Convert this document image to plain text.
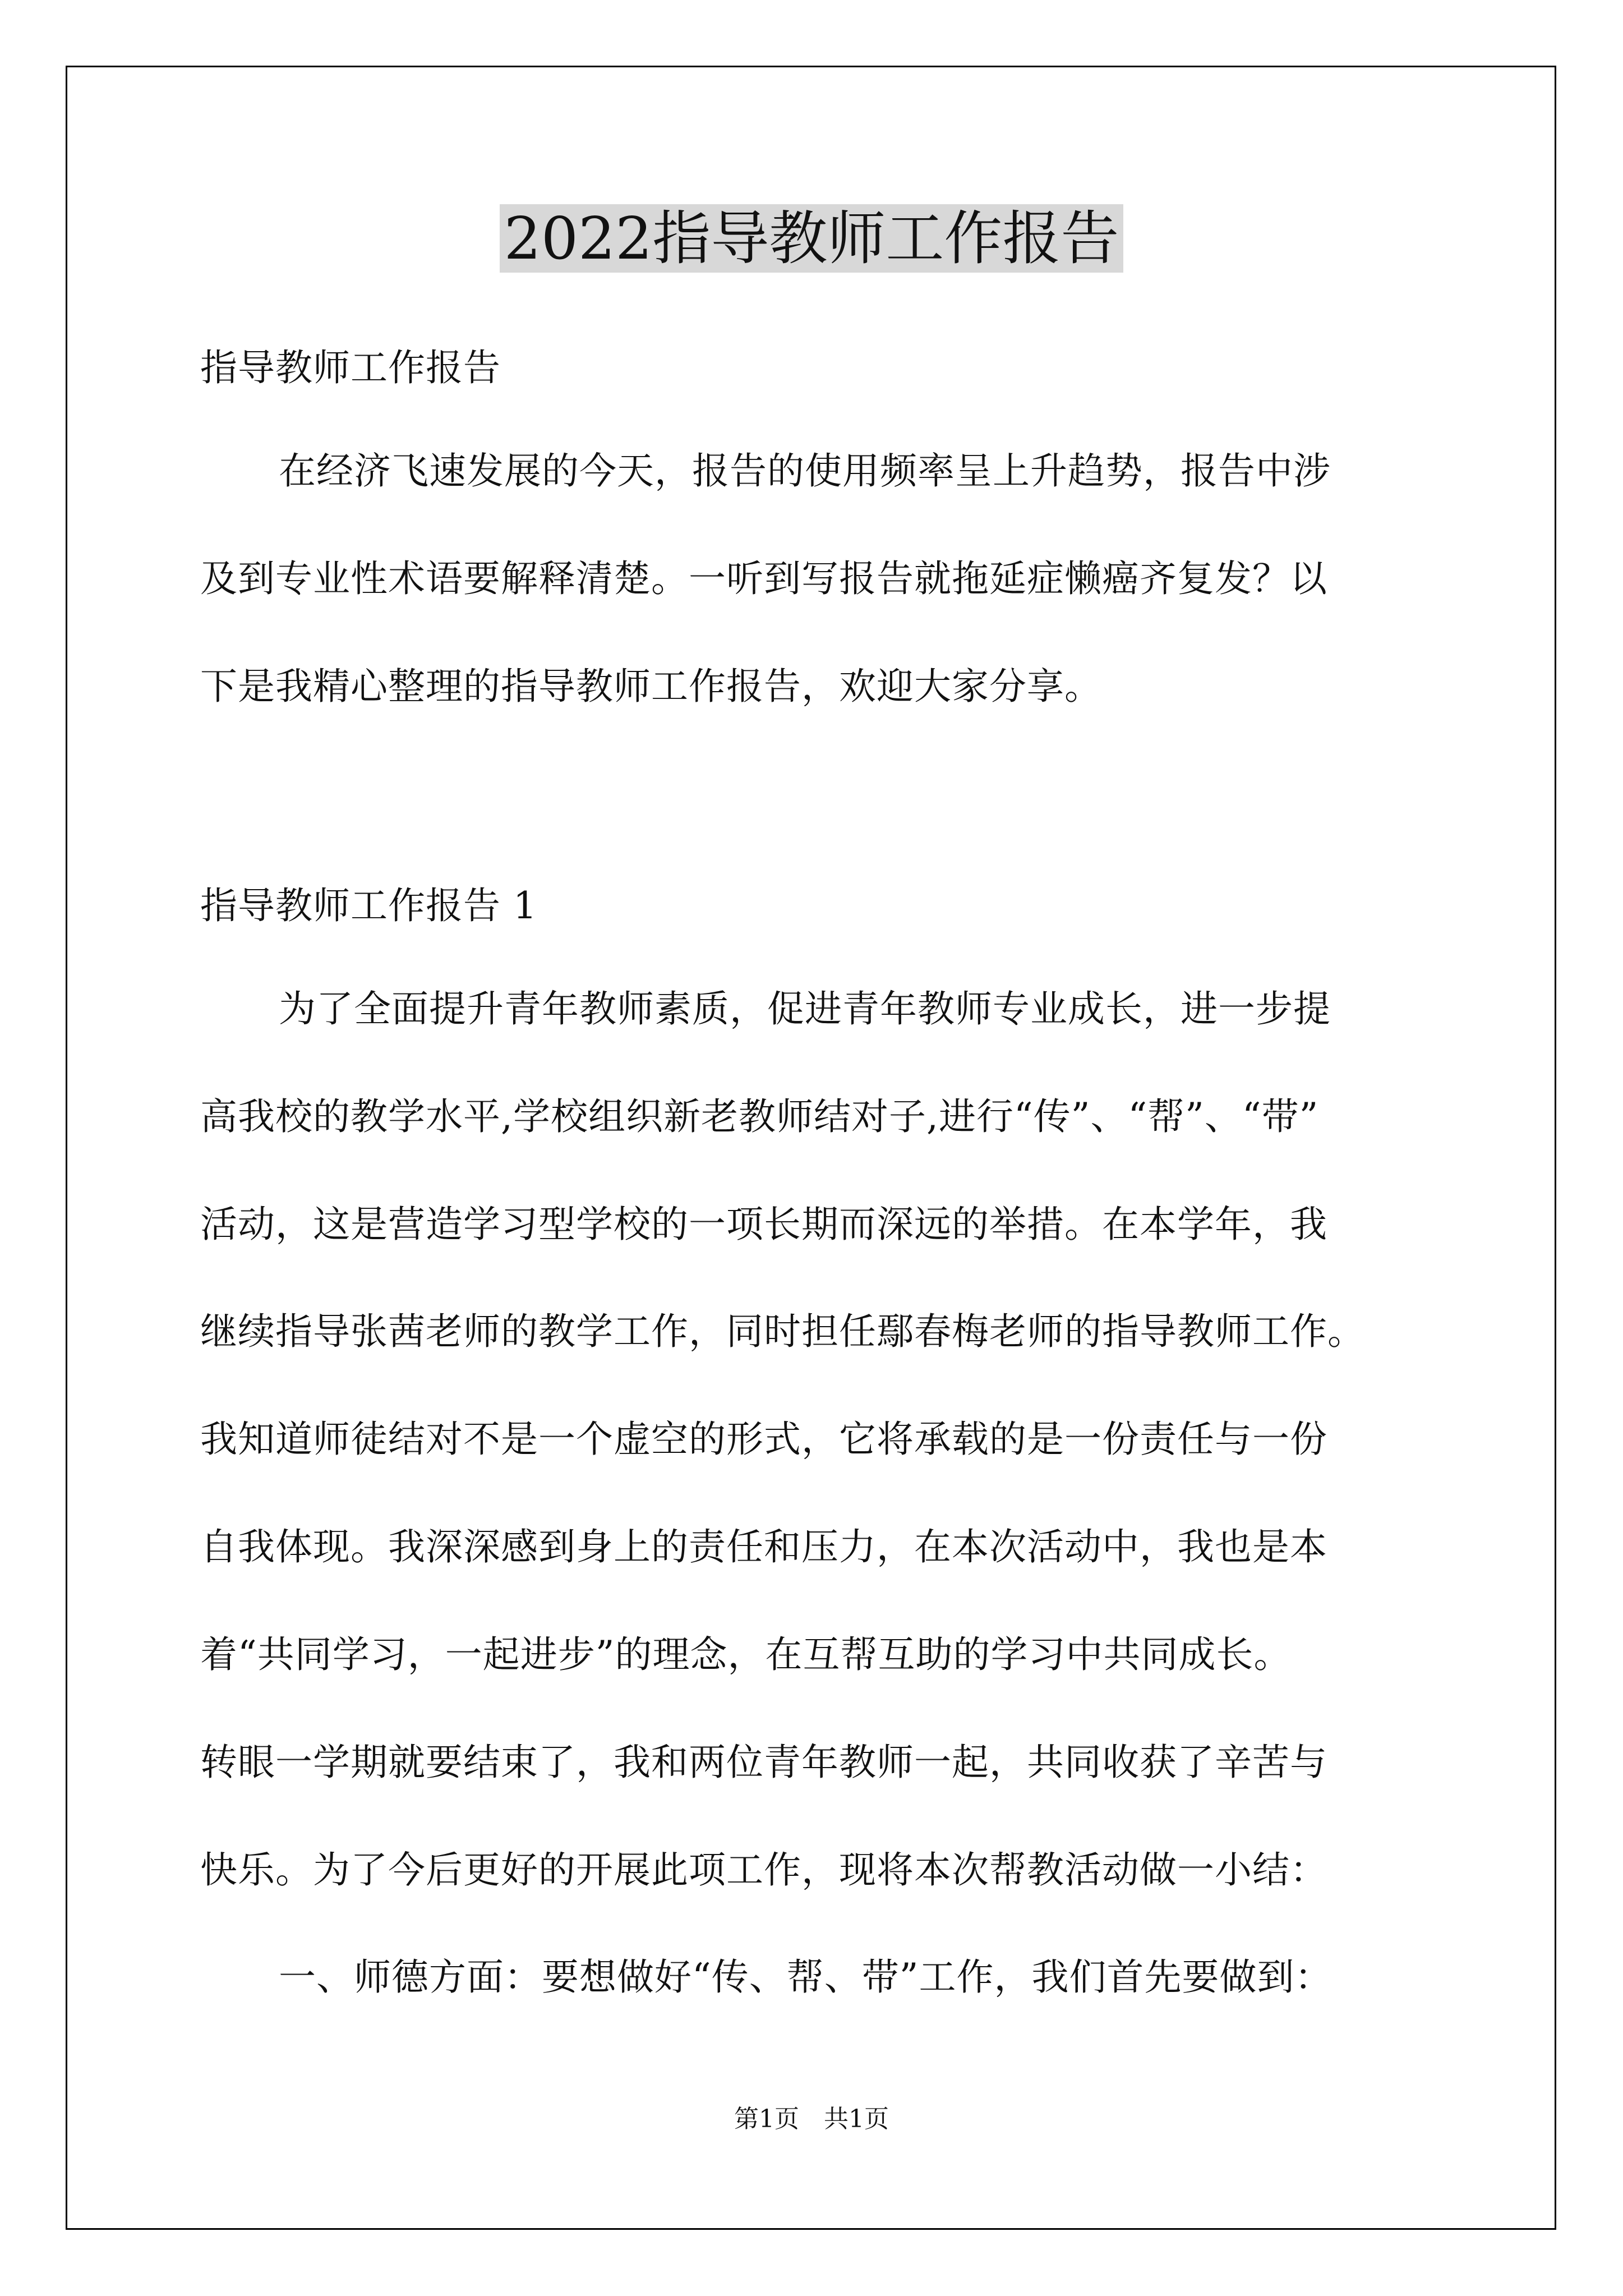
2022指导教师工作报告
指导教师工作报告
在经济飞速发展的今天，报告的使用频率呈上升趋势，报告中涉
及到专业性术语要解释清楚。一听到写报告就拖延症懒癌齐复发？以
下是我精心整理的指导教师工作报告，欢迎大家分享。
指导教师工作报告 1
为了全面提升青年教师素质，促进青年教师专业成长，进一步提
高我校的教学水平,学校组织新老教师结对子,进行“传”、“帮”、“带”
活动，这是营造学习型学校的一项长期而深远的举措。在本学年，我
继续指导张茜老师的教学工作，同时担任鄢春梅老师的指导教师工作。
我知道师徒结对不是一个虚空的形式，它将承载的是一份责任与一份
自我体现。我深深感到身上的责任和压力，在本次活动中，我也是本
着“共同学习，一起进步”的理念，在互帮互助的学习中共同成长。
转眼一学期就要结束了，我和两位青年教师一起，共同收获了辛苦与
快乐。为了今后更好的开展此项工作，现将本次帮教活动做一小结：
一、师德方面：要想做好“传、帮、带”工作，我们首先要做到：
第1页　共1页
